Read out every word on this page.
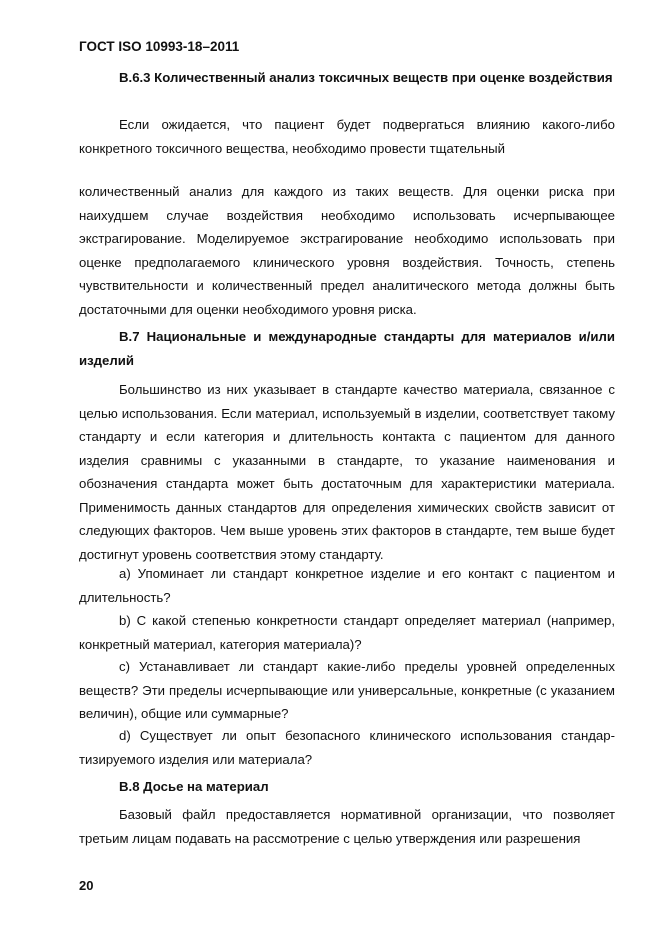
ГОСТ ISO 10993-18–2011

В.6.3 Количественный анализ токсичных веществ при оценке воздействия

Если ожидается, что пациент будет подвергаться влиянию какого-либо конкретного токсичного вещества, необходимо провести тщательный

количественный анализ для каждого из таких веществ. Для оценки риска при наихудшем случае воздействия необходимо использовать исчерпывающее экстрагирование. Моделируемое экстрагирование необходимо использовать при оценке предполагаемого клинического уровня воздействия. Точность, степень чувствительности и количественный предел аналитического метода должны быть достаточными для оценки необходимого уровня риска.

В.7 Национальные и международные стандарты для материалов и/или изделий

Большинство из них указывает в стандарте качество материала, связанное с целью использования. Если материал, используемый в изделии, соответствует такому стандарту и если категория и длительность контакта с пациентом для данного изделия сравнимы с указанными в стандарте, то указание наименования и обозначения стандарта может быть достаточным для характеристики материала. Применимость данных стандартов для определения химических свойств зависит от следующих факторов. Чем выше уровень этих факторов в стандарте, тем выше будет достигнут уровень соответствия этому стандарту.

а) Упоминает ли стандарт конкретное изделие и его контакт с пациентом и длительность?

b) С какой степенью конкретности стандарт определяет материал (например, конкретный материал, категория материала)?

c) Устанавливает ли стандарт какие-либо пределы уровней определенных веществ? Эти пределы исчерпывающие или универсальные, конкретные (с указанием величин), общие или суммарные?

d) Существует ли опыт безопасного клинического использования стандар-тизируемого изделия или материала?

В.8 Досье на материал

Базовый файл предоставляется нормативной организации, что позволяет третьим лицам подавать на рассмотрение с целью утверждения или разрешения

20
